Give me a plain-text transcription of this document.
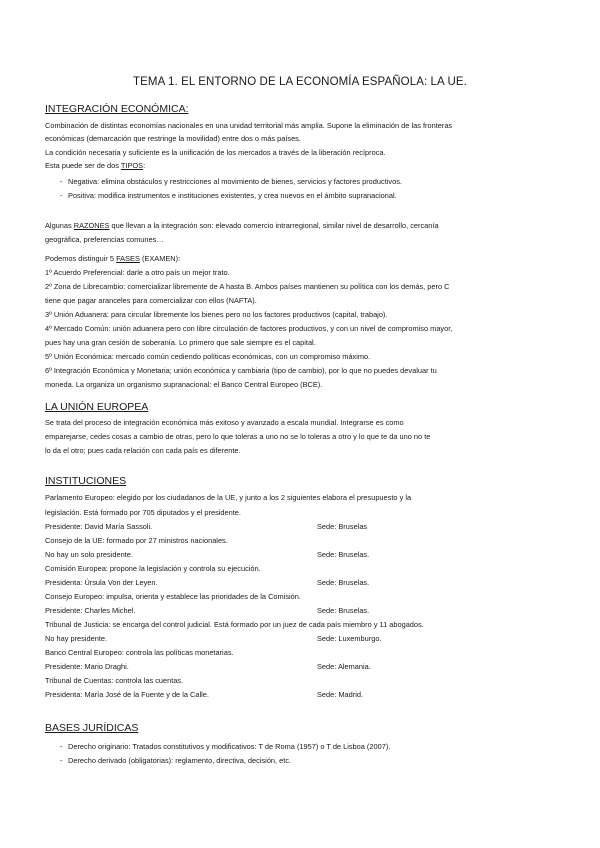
TEMA 1. EL ENTORNO DE LA ECONOMÍA ESPAÑOLA: LA UE.
INTEGRACIÓN ECONÓMICA:
Combinación de distintas economías nacionales en una unidad territorial más amplia. Supone la eliminación de las fronteras
económicas (demarcación que restringe la movilidad) entre dos o más países.
La condición necesaria y suficiente es la unificación de los mercados a través de la liberación recíproca.
Esta puede ser de dos TIPOS:
- Negativa: elimina obstáculos y restricciones al movimiento de bienes, servicios y factores productivos.
- Positiva: modifica instrumentos e instituciones existentes, y crea nuevos en el ámbito supranacional.
Algunas RAZONES que llevan a la integración son: elevado comercio intrarregional, similar nivel de desarrollo, cercanía
geográfica, preferencias comunes…
Podemos distinguir 5 FASES (EXAMEN):
1º Acuerdo Preferencial: darle a otro país un mejor trato.
2º Zona de Librecambio: comercializar libremente de A hasta B. Ambos países mantienen su política con los demás, pero C
tiene que pagar aranceles para comercializar con ellos (NAFTA).
3º Unión Aduanera: para circular libremente los bienes pero no los factores productivos (capital, trabajo).
4º Mercado Común: unión aduanera pero con libre circulación de factores productivos, y con un nivel de compromiso mayor,
pues hay una gran cesión de soberanía. Lo primero que sale siempre es el capital.
5º Unión Económica: mercado común cediendo políticas económicas, con un compromiso máximo.
6º Integración Económica y Monetaria; unión económica y cambiaria (tipo de cambio), por lo que no puedes devaluar tu
moneda. La organiza un organismo supranacional: el Banco Central Europeo (BCE).
LA UNIÓN EUROPEA
Se trata del proceso de integración económica más exitoso y avanzado a escala mundial. Integrarse es como
emparejarse, cedes cosas a cambio de otras, pero lo que toleras a uno no se lo toleras a otro y lo que te da uno no te
lo da el otro; pues cada relación con cada país es diferente.
INSTITUCIONES
Parlamento Europeo: elegido por los ciudadanos de la UE, y junto a los 2 siguientes elabora el presupuesto y la
legislación. Está formado por 705 diputados y el presidente.
Presidente: David María Sassoli.	Sede: Bruselas
Consejo de la UE: formado por 27 ministros nacionales.
No hay un solo presidente.	Sede: Bruselas.
Comisión Europea: propone la legislación y controla su ejecución.
Presidenta: Úrsula Von der Leyen.	Sede: Bruselas.
Consejo Europeo: impulsa, orienta y establece las prioridades de la Comisión.
Presidente: Charles Michel.	Sede: Bruselas.
Tribunal de Justicia: se encarga del control judicial. Está formado por un juez de cada país miembro y 11 abogados.
No hay presidente.	Sede: Luxemburgo.
Banco Central Europeo: controla las políticas monetarias.
Presidente: Mario Draghi.	Sede: Alemania.
Tribunal de Cuentas: controla las cuentas.
Presidenta: María José de la Fuente y de la Calle.	Sede: Madrid.
BASES JURÍDICAS
- Derecho originario: Tratados constitutivos y modificativos: T de Roma (1957) o T de Lisboa (2007).
- Derecho derivado (obligatorias): reglamento, directiva, decisión, etc.
